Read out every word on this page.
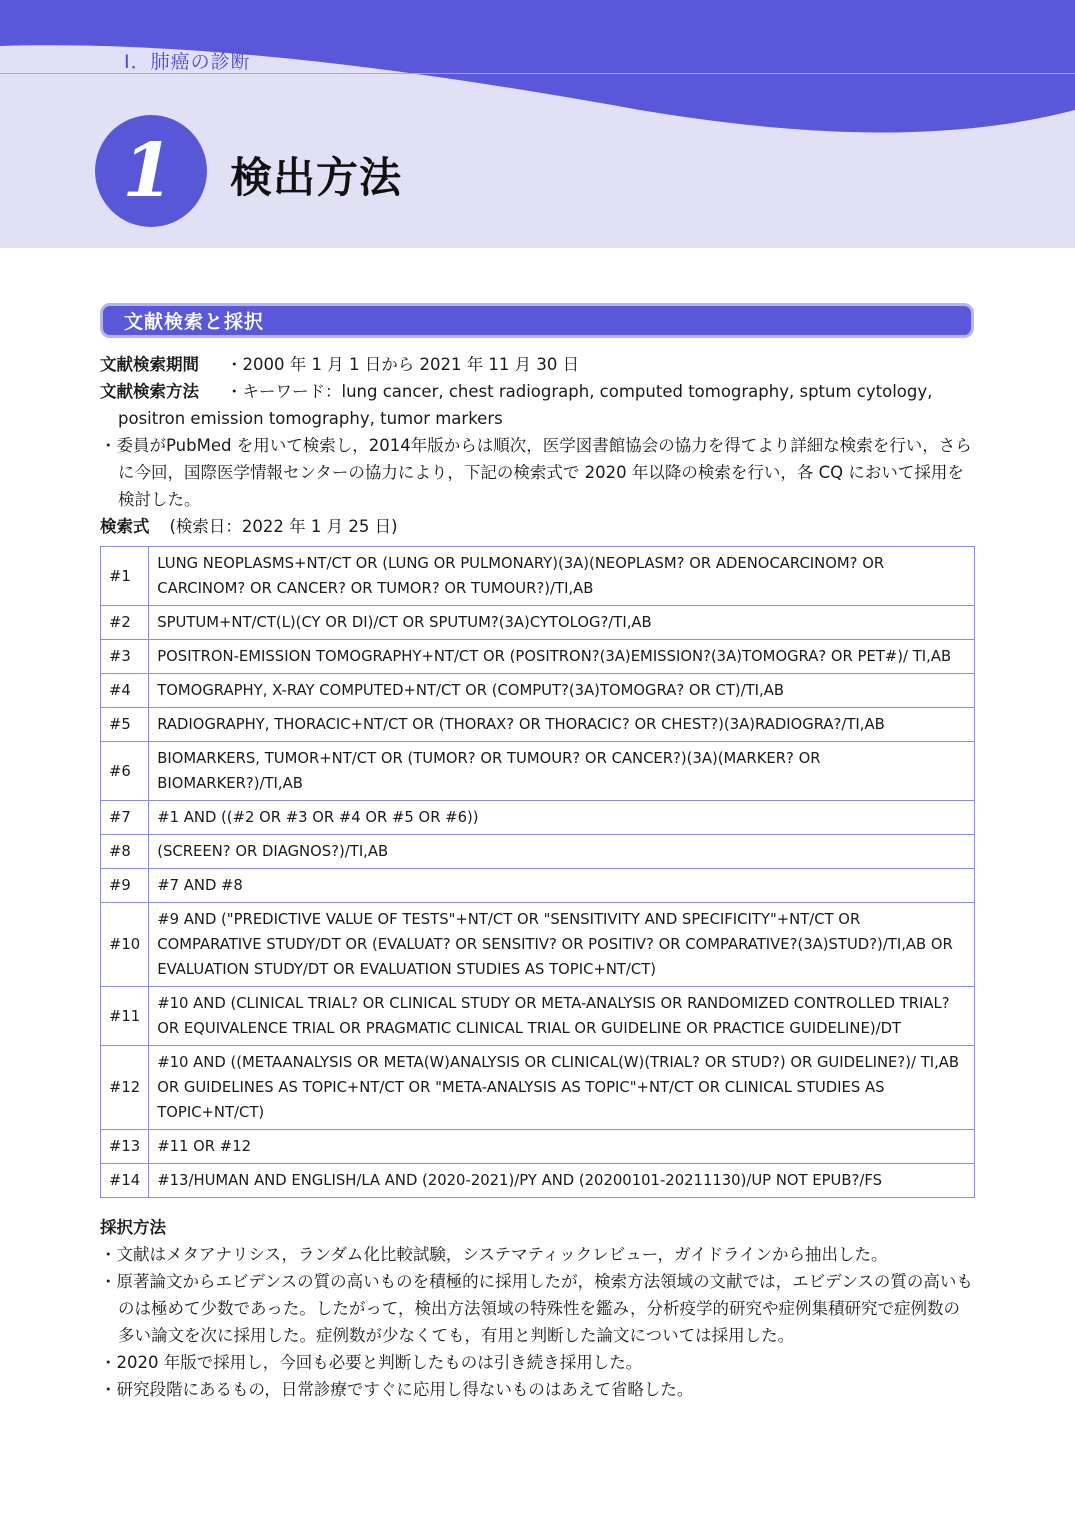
Ⅰ．肺癌の診断
1 検出方法
文献検索と採択
文献検索期間 ・2000 年 1 月 1 日から 2021 年 11 月 30 日
文献検索方法 ・キーワード：lung cancer, chest radiograph, computed tomography, sptum cytology,
positron emission tomography, tumor markers
・委員がPubMed を用いて検索し，2014年版からは順次，医学図書館協会の協力を得てより詳細な検索を行い，さらに今回，国際医学情報センターの協力により，下記の検索式で 2020 年以降の検索を行い，各 CQ において採用を検討した。
検索式 (検索日：2022 年 1 月 25 日)
#1	LUNG NEOPLASMS+NT/CT OR (LUNG OR PULMONARY)(3A)(NEOPLASM? OR ADENOCARCINOM? OR CARCINOM? OR CANCER? OR TUMOR? OR TUMOUR?)/TI,AB
#2	SPUTUM+NT/CT(L)(CY OR DI)/CT OR SPUTUM?(3A)CYTOLOG?/TI,AB
#3	POSITRON-EMISSION TOMOGRAPHY+NT/CT OR (POSITRON?(3A)EMISSION?(3A)TOMOGRA? OR PET#)/ TI,AB
#4	TOMOGRAPHY, X-RAY COMPUTED+NT/CT OR (COMPUT?(3A)TOMOGRA? OR CT)/TI,AB
#5	RADIOGRAPHY, THORACIC+NT/CT OR (THORAX? OR THORACIC? OR CHEST?)(3A)RADIOGRA?/TI,AB
#6	BIOMARKERS, TUMOR+NT/CT OR (TUMOR? OR TUMOUR? OR CANCER?)(3A)(MARKER? OR BIOMARKER?)/TI,AB
#7	#1 AND ((#2 OR #3 OR #4 OR #5 OR #6))
#8	(SCREEN? OR DIAGNOS?)/TI,AB
#9	#7 AND #8
#10	#9 AND ("PREDICTIVE VALUE OF TESTS"+NT/CT OR "SENSITIVITY AND SPECIFICITY"+NT/CT OR COMPARATIVE STUDY/DT OR (EVALUAT? OR SENSITIV? OR POSITIV? OR COMPARATIVE?(3A)STUD?)/TI,AB OR EVALUATION STUDY/DT OR EVALUATION STUDIES AS TOPIC+NT/CT)
#11	#10 AND (CLINICAL TRIAL? OR CLINICAL STUDY OR META-ANALYSIS OR RANDOMIZED CONTROLLED TRIAL? OR EQUIVALENCE TRIAL OR PRAGMATIC CLINICAL TRIAL OR GUIDELINE OR PRACTICE GUIDELINE)/DT
#12	#10 AND ((METAANALYSIS OR META(W)ANALYSIS OR CLINICAL(W)(TRIAL? OR STUD?) OR GUIDELINE?)/ TI,AB OR GUIDELINES AS TOPIC+NT/CT OR "META-ANALYSIS AS TOPIC"+NT/CT OR CLINICAL STUDIES AS TOPIC+NT/CT)
#13	#11 OR #12
#14	#13/HUMAN AND ENGLISH/LA AND (2020-2021)/PY AND (20200101-20211130)/UP NOT EPUB?/FS
採択方法
・文献はメタアナリシス，ランダム化比較試験，システマティックレビュー，ガイドラインから抽出した。
・原著論文からエビデンスの質の高いものを積極的に採用したが，検索方法領域の文献では，エビデンスの質の高いものは極めて少数であった。したがって，検出方法領域の特殊性を鑑み，分析疫学的研究や症例集積研究で症例数の多い論文を次に採用した。症例数が少なくても，有用と判断した論文については採用した。
・2020 年版で採用し，今回も必要と判断したものは引き続き採用した。
・研究段階にあるもの，日常診療ですぐに応用し得ないものはあえて省略した。
